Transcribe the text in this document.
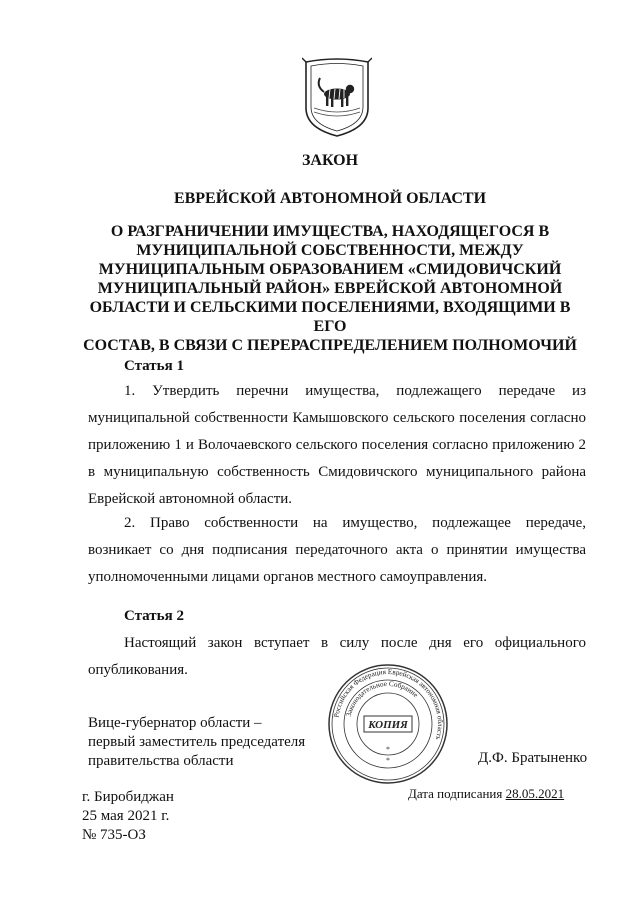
ЗАКОН
ЕВРЕЙСКОЙ АВТОНОМНОЙ ОБЛАСТИ
О РАЗГРАНИЧЕНИИ ИМУЩЕСТВА, НАХОДЯЩЕГОСЯ В
МУНИЦИПАЛЬНОЙ СОБСТВЕННОСТИ, МЕЖДУ
МУНИЦИПАЛЬНЫМ ОБРАЗОВАНИЕМ «СМИДОВИЧСКИЙ
МУНИЦИПАЛЬНЫЙ РАЙОН» ЕВРЕЙСКОЙ АВТОНОМНОЙ
ОБЛАСТИ И СЕЛЬСКИМИ ПОСЕЛЕНИЯМИ, ВХОДЯЩИМИ В ЕГО
СОСТАВ, В СВЯЗИ С ПЕРЕРАСПРЕДЕЛЕНИЕМ ПОЛНОМОЧИЙ
Статья 1
1. Утвердить перечни имущества, подлежащего передаче из
муниципальной собственности Камышовского сельского поселения согласно
приложению 1 и Волочаевского сельского поселения согласно приложению 2
в муниципальную собственность Смидовичского муниципального района
Еврейской автономной области.
2. Право собственности на имущество, подлежащее передаче,
возникает со дня подписания передаточного акта о принятии имущества
уполномоченными лицами органов местного самоуправления.
Статья 2
Настоящий закон вступает в силу после дня его официального
опубликования.
Вице-губернатор области –
первый заместитель председателя
правительства области	Д.Ф. Братыненко
Российская Федерация Еврейская автономная область
Законодательное Собрание
КОПИЯ
*
*
г. Биробиджан
25 мая 2021 г.
№ 735-ОЗ
Дата подписания 28.05.2021
